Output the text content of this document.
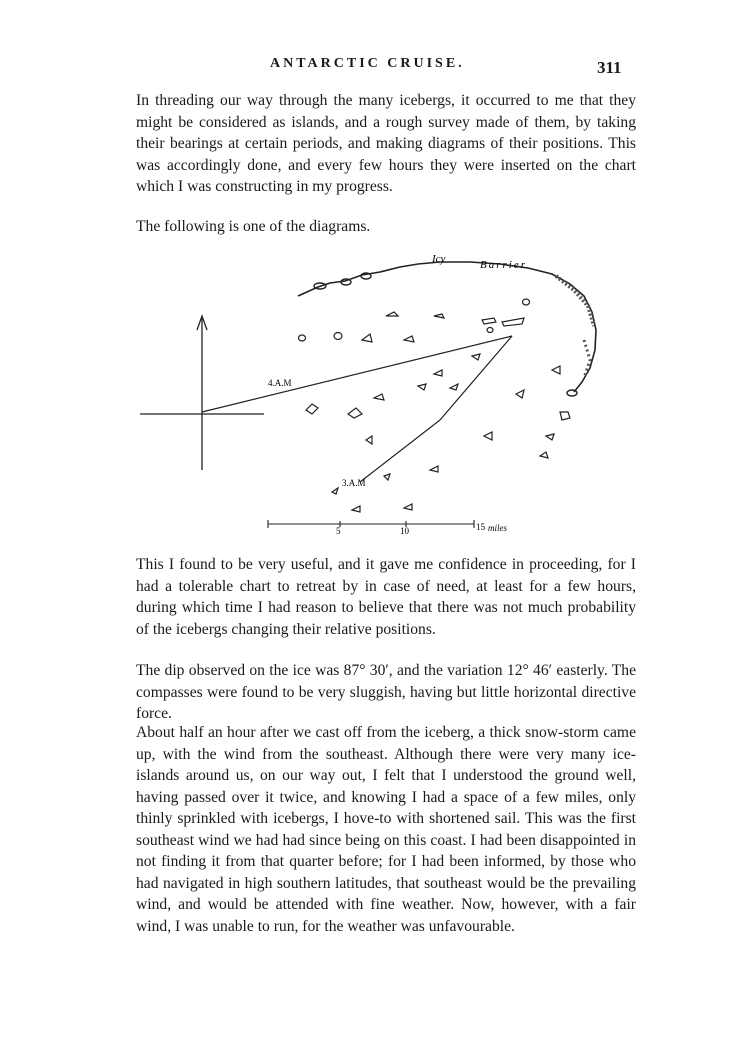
ANTARCTIC CRUISE.	311

In threading our way through the many icebergs, it occurred to me that they might be considered as islands, and a rough survey made of them, by taking their bearings at certain periods, and making diagrams of their positions. This was accordingly done, and every few hours they were inserted on the chart which I was constructing in my progress.

The following is one of the diagrams.

Icy	Barrier
4.A.M
3.A.M
5	10	15 miles

This I found to be very useful, and it gave me confidence in proceeding, for I had a tolerable chart to retreat by in case of need, at least for a few hours, during which time I had reason to believe that there was not much probability of the icebergs changing their relative positions.

The dip observed on the ice was 87° 30′, and the variation 12° 46′ easterly. The compasses were found to be very sluggish, having but little horizontal directive force.

About half an hour after we cast off from the iceberg, a thick snow-storm came up, with the wind from the southeast. Although there were very many ice-islands around us, on our way out, I felt that I understood the ground well, having passed over it twice, and knowing I had a space of a few miles, only thinly sprinkled with icebergs, I hove-to with shortened sail. This was the first southeast wind we had had since being on this coast. I had been disappointed in not finding it from that quarter before; for I had been informed, by those who had navigated in high southern latitudes, that southeast would be the prevailing wind, and would be attended with fine weather. Now, however, with a fair wind, I was unable to run, for the weather was unfavourable.
